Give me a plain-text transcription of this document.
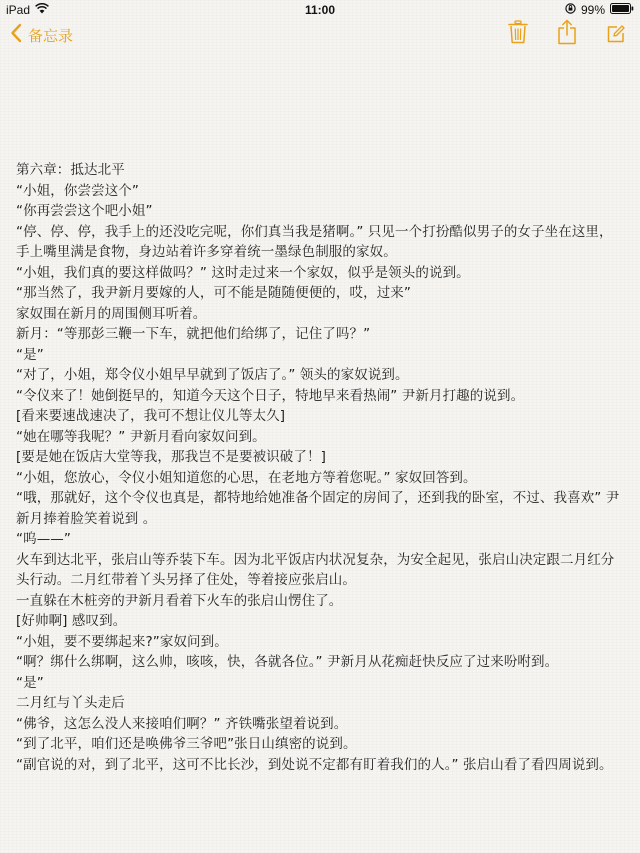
iPad	11:00	99%
备忘录
第六章：抵达北平
“小姐，你尝尝这个”
“你再尝尝这个吧小姐”
“停、停、停，我手上的还没吃完呢，你们真当我是猪啊。” 只见一个打扮酷似男子的女子坐在这里，手上嘴里满是食物，身边站着许多穿着统一墨绿色制服的家奴。
“小姐，我们真的要这样做吗？” 这时走过来一个家奴，似乎是领头的说到。
“那当然了，我尹新月要嫁的人，可不能是随随便便的，哎，过来”
家奴围在新月的周围侧耳听着。
新月：“等那彭三鞭一下车，就把他们给绑了，记住了吗？”
“是”
“对了，小姐，郑令仪小姐早早就到了饭店了。” 领头的家奴说到。
“令仪来了！她倒挺早的，知道今天这个日子，特地早来看热闹” 尹新月打趣的说到。
[看来要速战速决了，我可不想让仪儿等太久]
“她在哪等我呢？” 尹新月看向家奴问到。
[要是她在饭店大堂等我，那我岂不是要被识破了！]
“小姐，您放心，令仪小姐知道您的心思，在老地方等着您呢。” 家奴回答到。
“哦，那就好，这个令仪也真是，都特地给她准备个固定的房间了，还到我的卧室，不过、我喜欢” 尹新月捧着脸笑着说到 。
“呜——”
火车到达北平，张启山等乔装下车。因为北平饭店内状况复杂，为安全起见，张启山决定跟二月红分头行动。二月红带着丫头另择了住处，等着接应张启山。
一直躲在木桩旁的尹新月看着下火车的张启山愣住了。
[好帅啊] 感叹到。
“小姐，要不要绑起来?”家奴问到。
“啊？绑什么绑啊，这么帅，咳咳，快，各就各位。” 尹新月从花痴赶快反应了过来吩咐到。
“是”
二月红与丫头走后
“佛爷，这怎么没人来接咱们啊？” 齐铁嘴张望着说到。
“到了北平，咱们还是唤佛爷三爷吧”张日山缜密的说到。
“副官说的对，到了北平，这可不比长沙，到处说不定都有盯着我们的人。” 张启山看了看四周说到。
